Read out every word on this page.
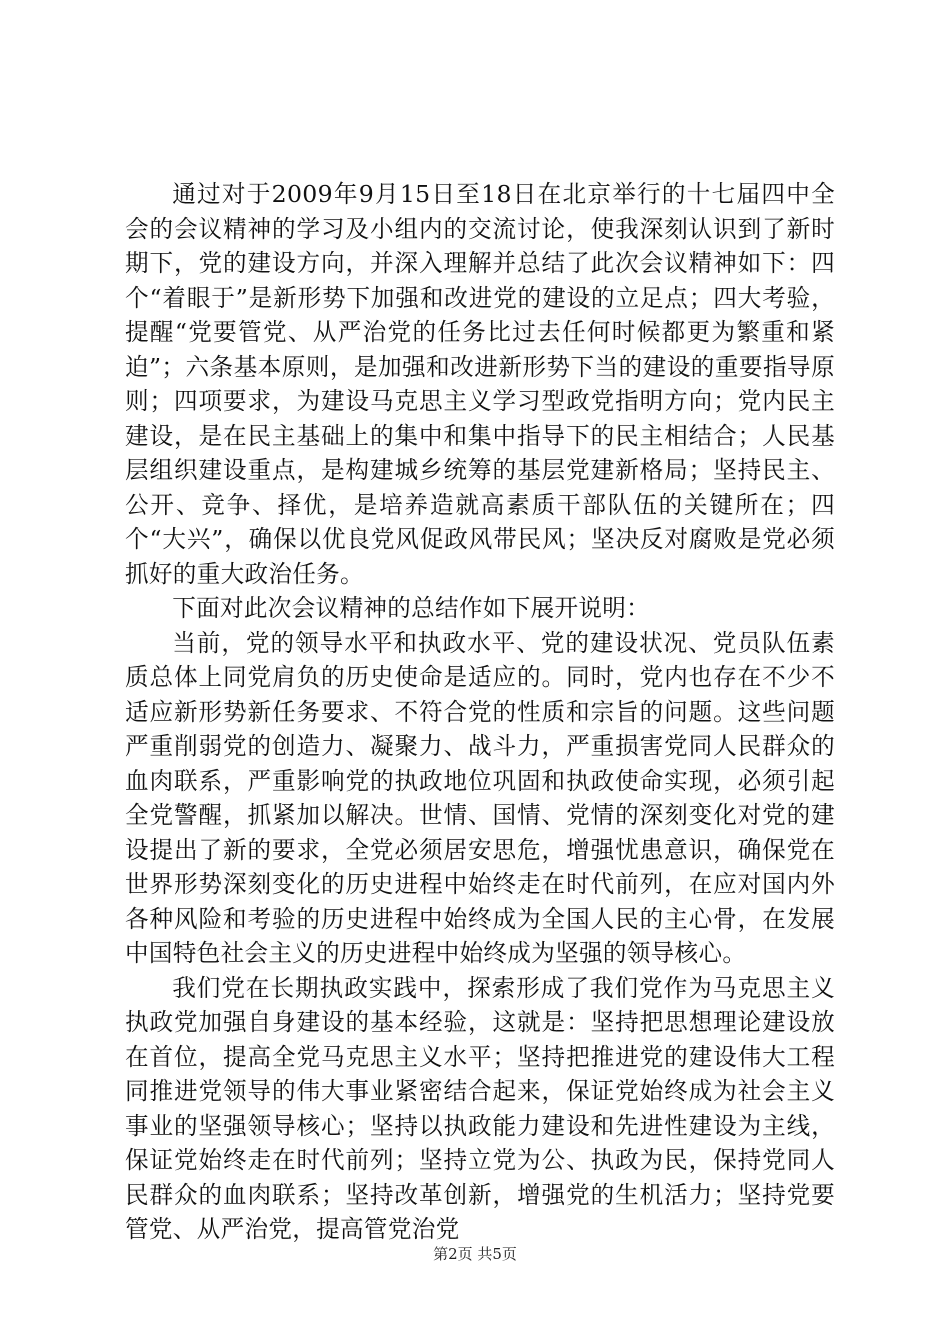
通过对于2009年9月15日至18日在北京举行的十七届四中全会的会议精神的学习及小组内的交流讨论，使我深刻认识到了新时期下，党的建设方向，并深入理解并总结了此次会议精神如下：四个“着眼于”是新形势下加强和改进党的建设的立足点；四大考验，提醒“党要管党、从严治党的任务比过去任何时候都更为繁重和紧迫”；六条基本原则，是加强和改进新形势下当的建设的重要指导原则；四项要求，为建设马克思主义学习型政党指明方向；党内民主建设，是在民主基础上的集中和集中指导下的民主相结合；人民基层组织建设重点，是构建城乡统筹的基层党建新格局；坚持民主、公开、竞争、择优，是培养造就高素质干部队伍的关键所在；四个“大兴”，确保以优良党风促政风带民风；坚决反对腐败是党必须抓好的重大政治任务。

下面对此次会议精神的总结作如下展开说明：

当前，党的领导水平和执政水平、党的建设状况、党员队伍素质总体上同党肩负的历史使命是适应的。同时，党内也存在不少不适应新形势新任务要求、不符合党的性质和宗旨的问题。这些问题严重削弱党的创造力、凝聚力、战斗力，严重损害党同人民群众的血肉联系，严重影响党的执政地位巩固和执政使命实现，必须引起全党警醒，抓紧加以解决。世情、国情、党情的深刻变化对党的建设提出了新的要求，全党必须居安思危，增强忧患意识，确保党在世界形势深刻变化的历史进程中始终走在时代前列，在应对国内外各种风险和考验的历史进程中始终成为全国人民的主心骨，在发展中国特色社会主义的历史进程中始终成为坚强的领导核心。

我们党在长期执政实践中，探索形成了我们党作为马克思主义执政党加强自身建设的基本经验，这就是：坚持把思想理论建设放在首位，提高全党马克思主义水平；坚持把推进党的建设伟大工程同推进党领导的伟大事业紧密结合起来，保证党始终成为社会主义事业的坚强领导核心；坚持以执政能力建设和先进性建设为主线，保证党始终走在时代前列；坚持立党为公、执政为民，保持党同人民群众的血肉联系；坚持改革创新，增强党的生机活力；坚持党要管党、从严治党，提高管党治党

第2页 共5页
